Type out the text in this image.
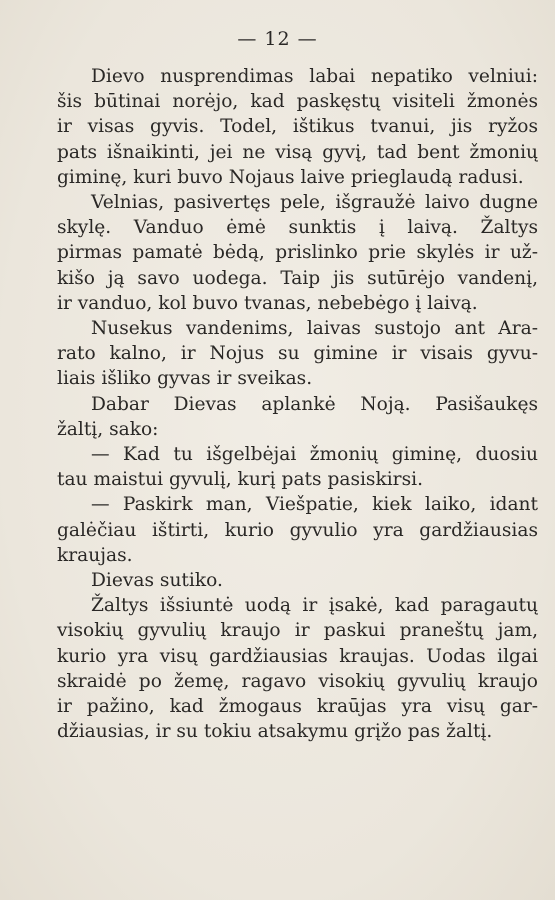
— 12 —
Dievo nusprendimas labai nepatiko velniui:
šis būtinai norėjo, kad paskęstų visiteli žmonės
ir visas gyvis. Todel, ištikus tvanui, jis ryžos
pats išnaikinti, jei ne visą gyvį, tad bent žmonių
giminę, kuri buvo Nojaus laive prieglaudą radusi.
Velnias, pasivertęs pele, išgraužė laivo dugne
skylę. Vanduo ėmė sunktis į laivą. Žaltys
pirmas pamatė bėdą, prislinko prie skylės ir už-
kišo ją savo uodega. Taip jis sutūrėjo vandenį,
ir vanduo, kol buvo tvanas, nebebėgo į laivą.
Nusekus vandenims, laivas sustojo ant Ara-
rato kalno, ir Nojus su gimine ir visais gyvu-
liais išliko gyvas ir sveikas.
Dabar Dievas aplankė Noją. Pasišaukęs
žaltį, sako:
— Kad tu išgelbėjai žmonių giminę, duosiu
tau maistui gyvulį, kurį pats pasiskirsi.
— Paskirk man, Viešpatie, kiek laiko, idant
galėčiau ištirti, kurio gyvulio yra gardžiausias
kraujas.
Dievas sutiko.
Žaltys išsiuntė uodą ir įsakė, kad paragautų
visokių gyvulių kraujo ir paskui praneštų jam,
kurio yra visų gardžiausias kraujas. Uodas ilgai
skraidė po žemę, ragavo visokių gyvulių kraujo
ir pažino, kad žmogaus kraūjas yra visų gar-
džiausias, ir su tokiu atsakymu grįžo pas žaltį.
